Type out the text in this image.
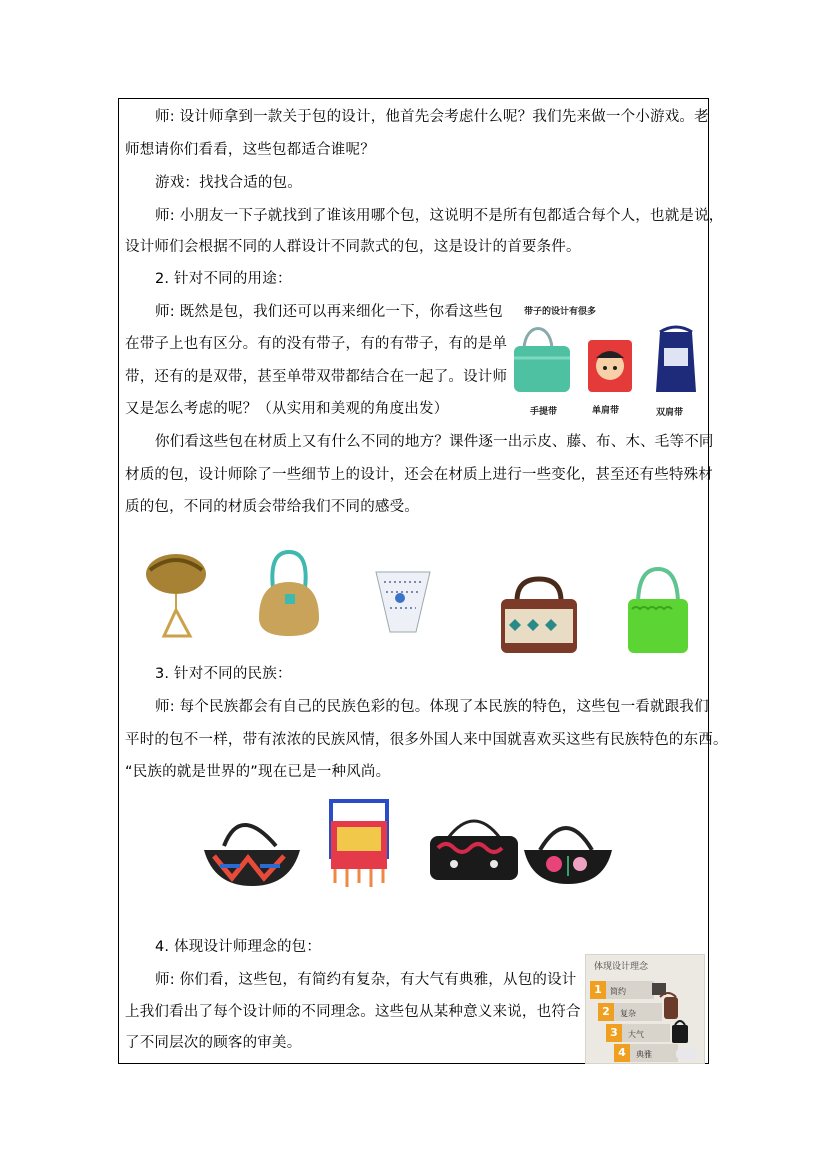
师: 设计师拿到一款关于包的设计，他首先会考虑什么呢？我们先来做一个小游戏。老
师想请你们看看，这些包都适合谁呢？
游戏：找找合适的包。
师: 小朋友一下子就找到了谁该用哪个包，这说明不是所有包都适合每个人，也就是说，
设计师们会根据不同的人群设计不同款式的包，这是设计的首要条件。
2. 针对不同的用途：
师: 既然是包，我们还可以再来细化一下，你看这些包
在带子上也有区分。有的没有带子，有的有带子，有的是单
带，还有的是双带，甚至单带双带都结合在一起了。设计师
又是怎么考虑的呢？（从实用和美观的角度出发）
你们看这些包在材质上又有什么不同的地方？课件逐一出示皮、藤、布、木、毛等不同
材质的包，设计师除了一些细节上的设计，还会在材质上进行一些变化，甚至还有些特殊材
质的包，不同的材质会带给我们不同的感受。
3. 针对不同的民族：
师: 每个民族都会有自己的民族色彩的包。体现了本民族的特色，这些包一看就跟我们
平时的包不一样，带有浓浓的民族风情，很多外国人来中国就喜欢买这些有民族特色的东西。
“民族的就是世界的”现在已是一种风尚。
4. 体现设计师理念的包：
师: 你们看，这些包，有简约有复杂，有大气有典雅，从包的设计
上我们看出了每个设计师的不同理念。这些包从某种意义来说，也符合
了不同层次的顾客的审美。
带子的设计有很多
手提带	单肩带	双肩带
体现设计理念
1	简约
2	复杂
3	大气
4	典雅
